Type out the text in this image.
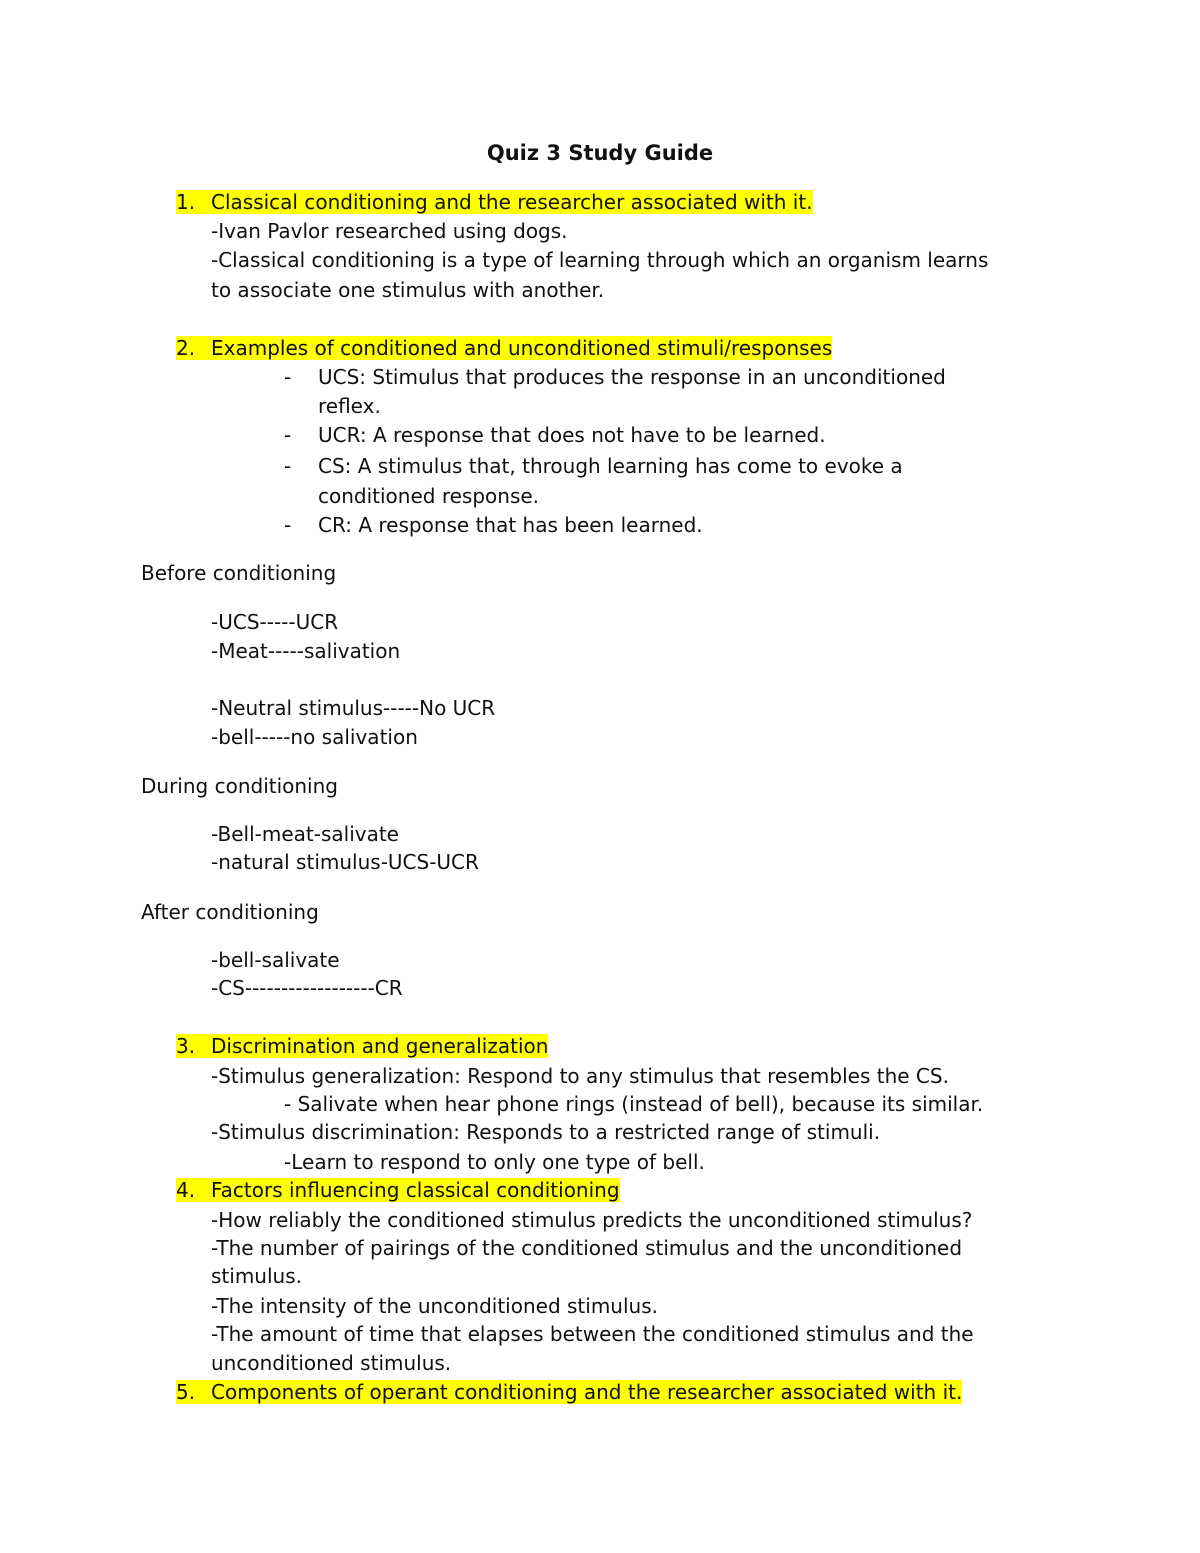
Quiz 3 Study Guide
1. Classical conditioning and the researcher associated with it.
-Ivan Pavlor researched using dogs.
-Classical conditioning is a type of learning through which an organism learns
to associate one stimulus with another.
2. Examples of conditioned and unconditioned stimuli/responses
- UCS: Stimulus that produces the response in an unconditioned
reflex.
- UCR: A response that does not have to be learned.
- CS: A stimulus that, through learning has come to evoke a
conditioned response.
- CR: A response that has been learned.
Before conditioning
-UCS-----UCR
-Meat-----salivation
-Neutral stimulus-----No UCR
-bell-----no salivation
During conditioning
-Bell-meat-salivate
-natural stimulus-UCS-UCR
After conditioning
-bell-salivate
-CS------------------CR
3. Discrimination and generalization
-Stimulus generalization: Respond to any stimulus that resembles the CS.
- Salivate when hear phone rings (instead of bell), because its similar.
-Stimulus discrimination: Responds to a restricted range of stimuli.
-Learn to respond to only one type of bell.
4. Factors influencing classical conditioning
-How reliably the conditioned stimulus predicts the unconditioned stimulus?
-The number of pairings of the conditioned stimulus and the unconditioned
stimulus.
-The intensity of the unconditioned stimulus.
-The amount of time that elapses between the conditioned stimulus and the
unconditioned stimulus.
5. Components of operant conditioning and the researcher associated with it.
